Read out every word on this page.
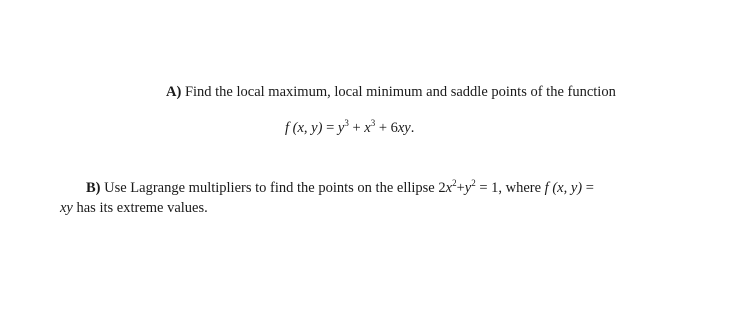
A) Find the local maximum, local minimum and saddle points of the function
f (x, $y) = y^3 + x^3 + 6xy$.
B) Use Lagrange multipliers to find the points on the ellipse $2x^2+y^2 = 1$, where f (x, y) =
xy has its extreme values.
